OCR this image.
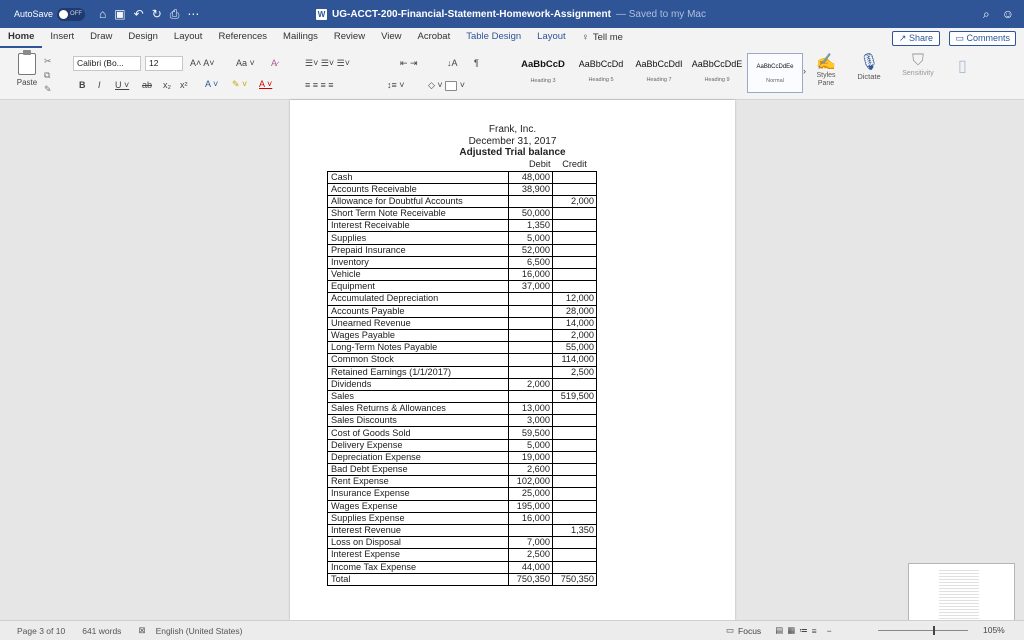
AutoSave	OFF ⌂ ▣ ↶ ↻ ⎙ ⋯	W UG-ACCT-200-Financial-Statement-Homework-Assignment — Saved to my Mac	⌕ ☺
Home	Insert	Draw	Design	Layout	References	Mailings	Review	View	Acrobat	Table Design	Layout	♀ Tell me	↗ Share	▭ Comments
Paste
✂
⧉
✎
Calibri (Bo...	12	A˄ A˅ Aa ˅ A̷
B I U ˅ ab x₂ x² A ˅ ✎ ˅ A ˅
☰˅ ☰˅ ☰˅	⇤ ⇥	↓A ¶
≡ ≡ ≡ ≡	↕≡ ˅	◇ ˅  ˅
AaBbCcD
Heading 3
AaBbCcDd
Heading 5
AaBbCcDdI
Heading 7
AaBbCcDdE
Heading 9
AaBbCcDdEe
Normal
› ✍
Styles Pane
🎙
Dictate
⛉
Sensitivity	▯
Frank, Inc.
December 31, 2017
Adjusted Trial balance
	Debit	Credit
Cash	48,000	
Accounts Receivable	38,900	
Allowance for Doubtful Accounts		2,000
Short Term Note Receivable	50,000	
Interest Receivable	1,350	
Supplies	5,000	
Prepaid Insurance	52,000	
Inventory	6,500	
Vehicle	16,000	
Equipment	37,000	
Accumulated Depreciation		12,000
Accounts Payable		28,000
Unearned Revenue		14,000
Wages Payable		2,000
Long-Term Notes Payable		55,000
Common Stock		114,000
Retained Earnings (1/1/2017)		2,500
Dividends	2,000	
Sales		519,500
Sales Returns & Allowances	13,000	
Sales Discounts	3,000	
Cost of Goods Sold	59,500	
Delivery Expense	5,000	
Depreciation Expense	19,000	
Bad Debt Expense	2,600	
Rent Expense	102,000	
Insurance Expense	25,000	
Wages Expense	195,000	
Supplies Expense	16,000	
Interest Revenue		1,350
Loss on Disposal	7,000	
Interest Expense	2,500	
Income Tax Expense	44,000	
Total	750,350	750,350
Page 3 of 10 641 words ⊠ English (United States)	▭ Focus ▤ ▦ ≔ ≡ −	105%
